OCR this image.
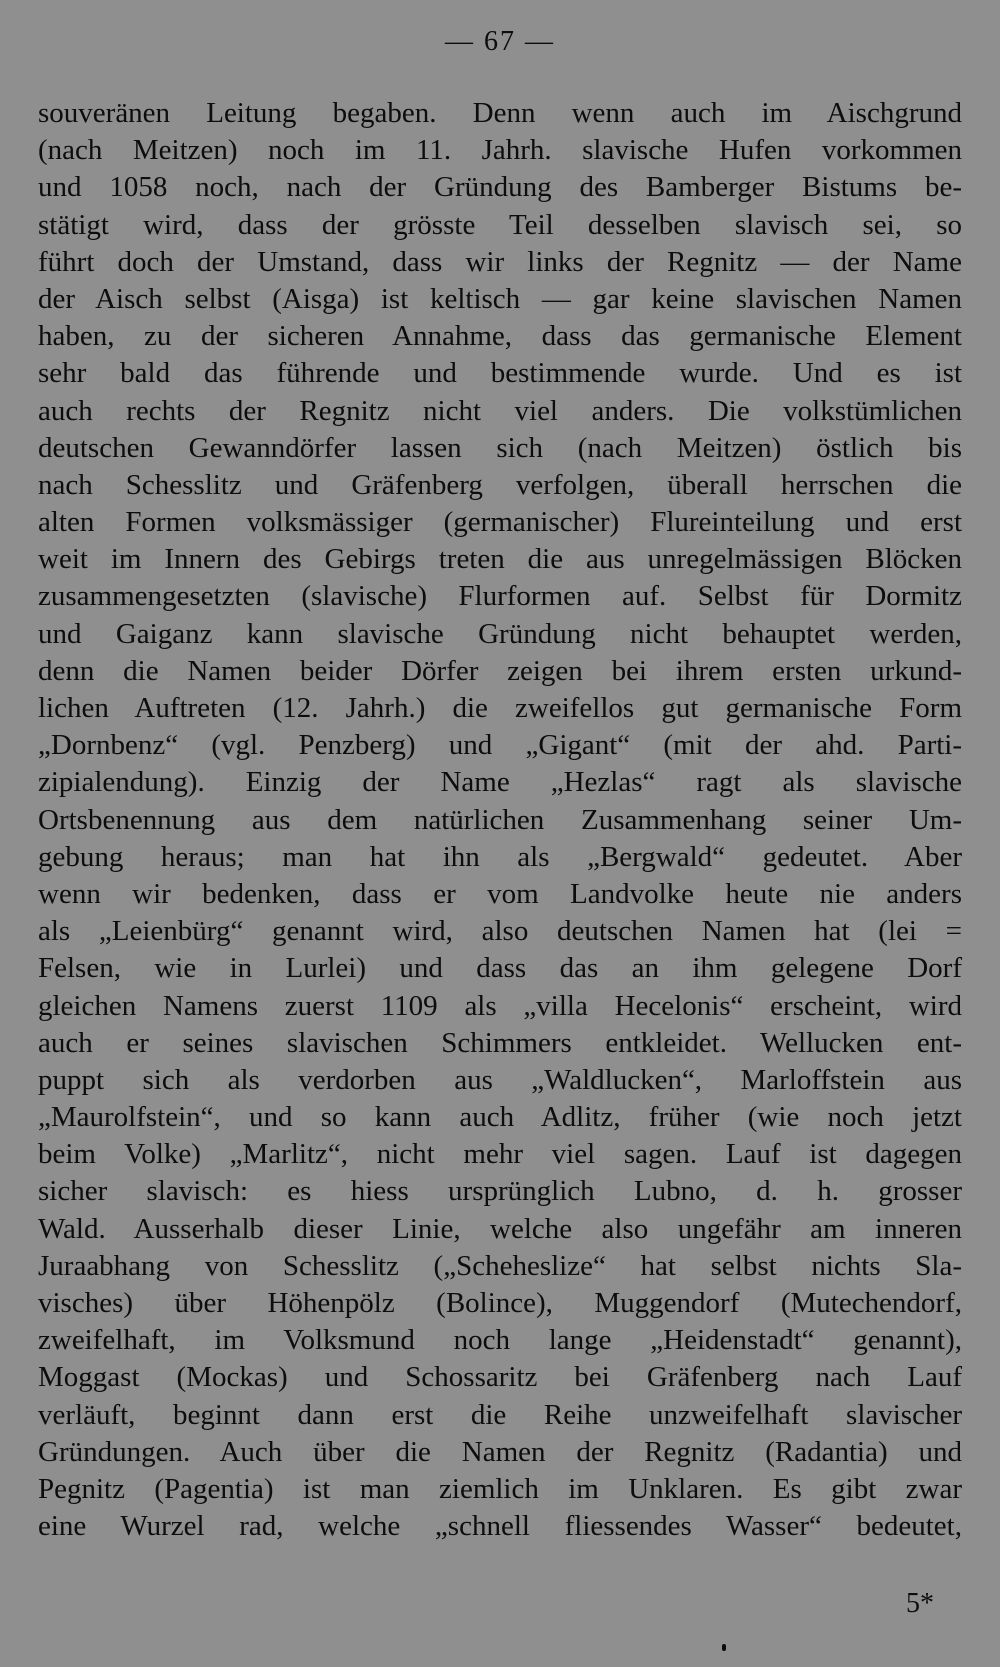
— 67 —
souveränen Leitung begaben. Denn wenn auch im Aischgrund
(nach Meitzen) noch im 11. Jahrh. slavische Hufen vorkommen
und 1058 noch, nach der Gründung des Bamberger Bistums be-
stätigt wird, dass der grösste Teil desselben slavisch sei, so
führt doch der Umstand, dass wir links der Regnitz — der Name
der Aisch selbst (Aisga) ist keltisch — gar keine slavischen Namen
haben, zu der sicheren Annahme, dass das germanische Element
sehr bald das führende und bestimmende wurde. Und es ist
auch rechts der Regnitz nicht viel anders. Die volkstümlichen
deutschen Gewanndörfer lassen sich (nach Meitzen) östlich bis
nach Schesslitz und Gräfenberg verfolgen, überall herrschen die
alten Formen volksmässiger (germanischer) Flureinteilung und erst
weit im Innern des Gebirgs treten die aus unregelmässigen Blöcken
zusammengesetzten (slavische) Flurformen auf. Selbst für Dormitz
und Gaiganz kann slavische Gründung nicht behauptet werden,
denn die Namen beider Dörfer zeigen bei ihrem ersten urkund-
lichen Auftreten (12. Jahrh.) die zweifellos gut germanische Form
„Dornbenz“ (vgl. Penzberg) und „Gigant“ (mit der ahd. Parti-
zipialendung). Einzig der Name „Hezlas“ ragt als slavische
Ortsbenennung aus dem natürlichen Zusammenhang seiner Um-
gebung heraus; man hat ihn als „Bergwald“ gedeutet. Aber
wenn wir bedenken, dass er vom Landvolke heute nie anders
als „Leienbürg“ genannt wird, also deutschen Namen hat (lei =
Felsen, wie in Lurlei) und dass das an ihm gelegene Dorf
gleichen Namens zuerst 1109 als „villa Hecelonis“ erscheint, wird
auch er seines slavischen Schimmers entkleidet. Wellucken ent-
puppt sich als verdorben aus „Waldlucken“, Marloffstein aus
„Maurolfstein“, und so kann auch Adlitz, früher (wie noch jetzt
beim Volke) „Marlitz“, nicht mehr viel sagen. Lauf ist dagegen
sicher slavisch: es hiess ursprünglich Lubno, d. h. grosser
Wald. Ausserhalb dieser Linie, welche also ungefähr am inneren
Juraabhang von Schesslitz („Scheheslize“ hat selbst nichts Sla-
visches) über Höhenpölz (Bolince), Muggendorf (Mutechendorf,
zweifelhaft, im Volksmund noch lange „Heidenstadt“ genannt),
Moggast (Mockas) und Schossaritz bei Gräfenberg nach Lauf
verläuft, beginnt dann erst die Reihe unzweifelhaft slavischer
Gründungen. Auch über die Namen der Regnitz (Radantia) und
Pegnitz (Pagentia) ist man ziemlich im Unklaren. Es gibt zwar
eine Wurzel rad, welche „schnell fliessendes Wasser“ bedeutet,
5*
